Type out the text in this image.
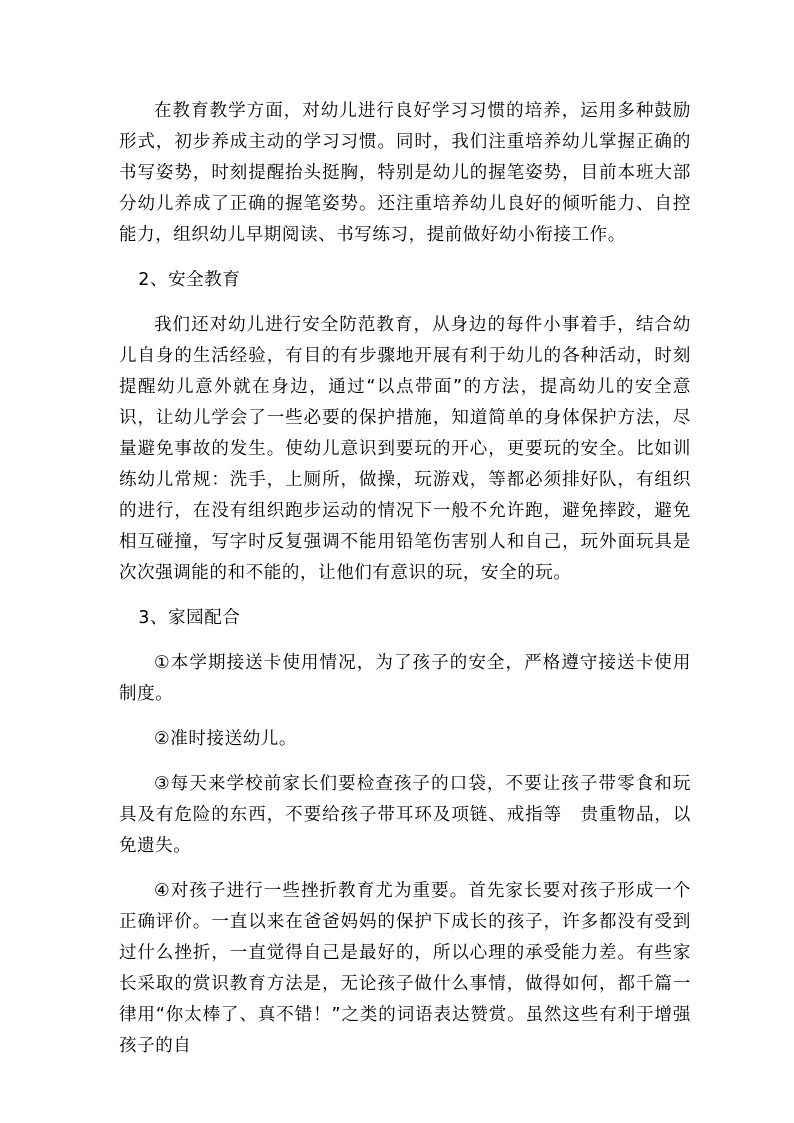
在教育教学方面，对幼儿进行良好学习习惯的培养，运用多种鼓励形式，初步养成主动的学习习惯。同时，我们注重培养幼儿掌握正确的书写姿势，时刻提醒抬头挺胸，特别是幼儿的握笔姿势，目前本班大部分幼儿养成了正确的握笔姿势。还注重培养幼儿良好的倾听能力、自控能力，组织幼儿早期阅读、书写练习，提前做好幼小衔接工作。

2、安全教育

我们还对幼儿进行安全防范教育，从身边的每件小事着手，结合幼儿自身的生活经验，有目的有步骤地开展有利于幼儿的各种活动，时刻提醒幼儿意外就在身边，通过“以点带面”的方法，提高幼儿的安全意识，让幼儿学会了一些必要的保护措施，知道简单的身体保护方法，尽量避免事故的发生。使幼儿意识到要玩的开心，更要玩的安全。比如训练幼儿常规：洗手，上厕所，做操，玩游戏，等都必须排好队，有组织的进行，在没有组织跑步运动的情况下一般不允许跑，避免摔跤，避免相互碰撞，写字时反复强调不能用铅笔伤害别人和自己，玩外面玩具是次次强调能的和不能的，让他们有意识的玩，安全的玩。

3、家园配合

①本学期接送卡使用情况，为了孩子的安全，严格遵守接送卡使用制度。

②准时接送幼儿。

③每天来学校前家长们要检查孩子的口袋，不要让孩子带零食和玩具及有危险的东西，不要给孩子带耳环及项链、戒指等　贵重物品，以免遗失。

④对孩子进行一些挫折教育尤为重要。首先家长要对孩子形成一个正确评价。一直以来在爸爸妈妈的保护下成长的孩子，许多都没有受到过什么挫折，一直觉得自己是最好的，所以心理的承受能力差。有些家长采取的赏识教育方法是，无论孩子做什么事情，做得如何，都千篇一律用“你太棒了、真不错！”之类的词语表达赞赏。虽然这些有利于增强孩子的自
